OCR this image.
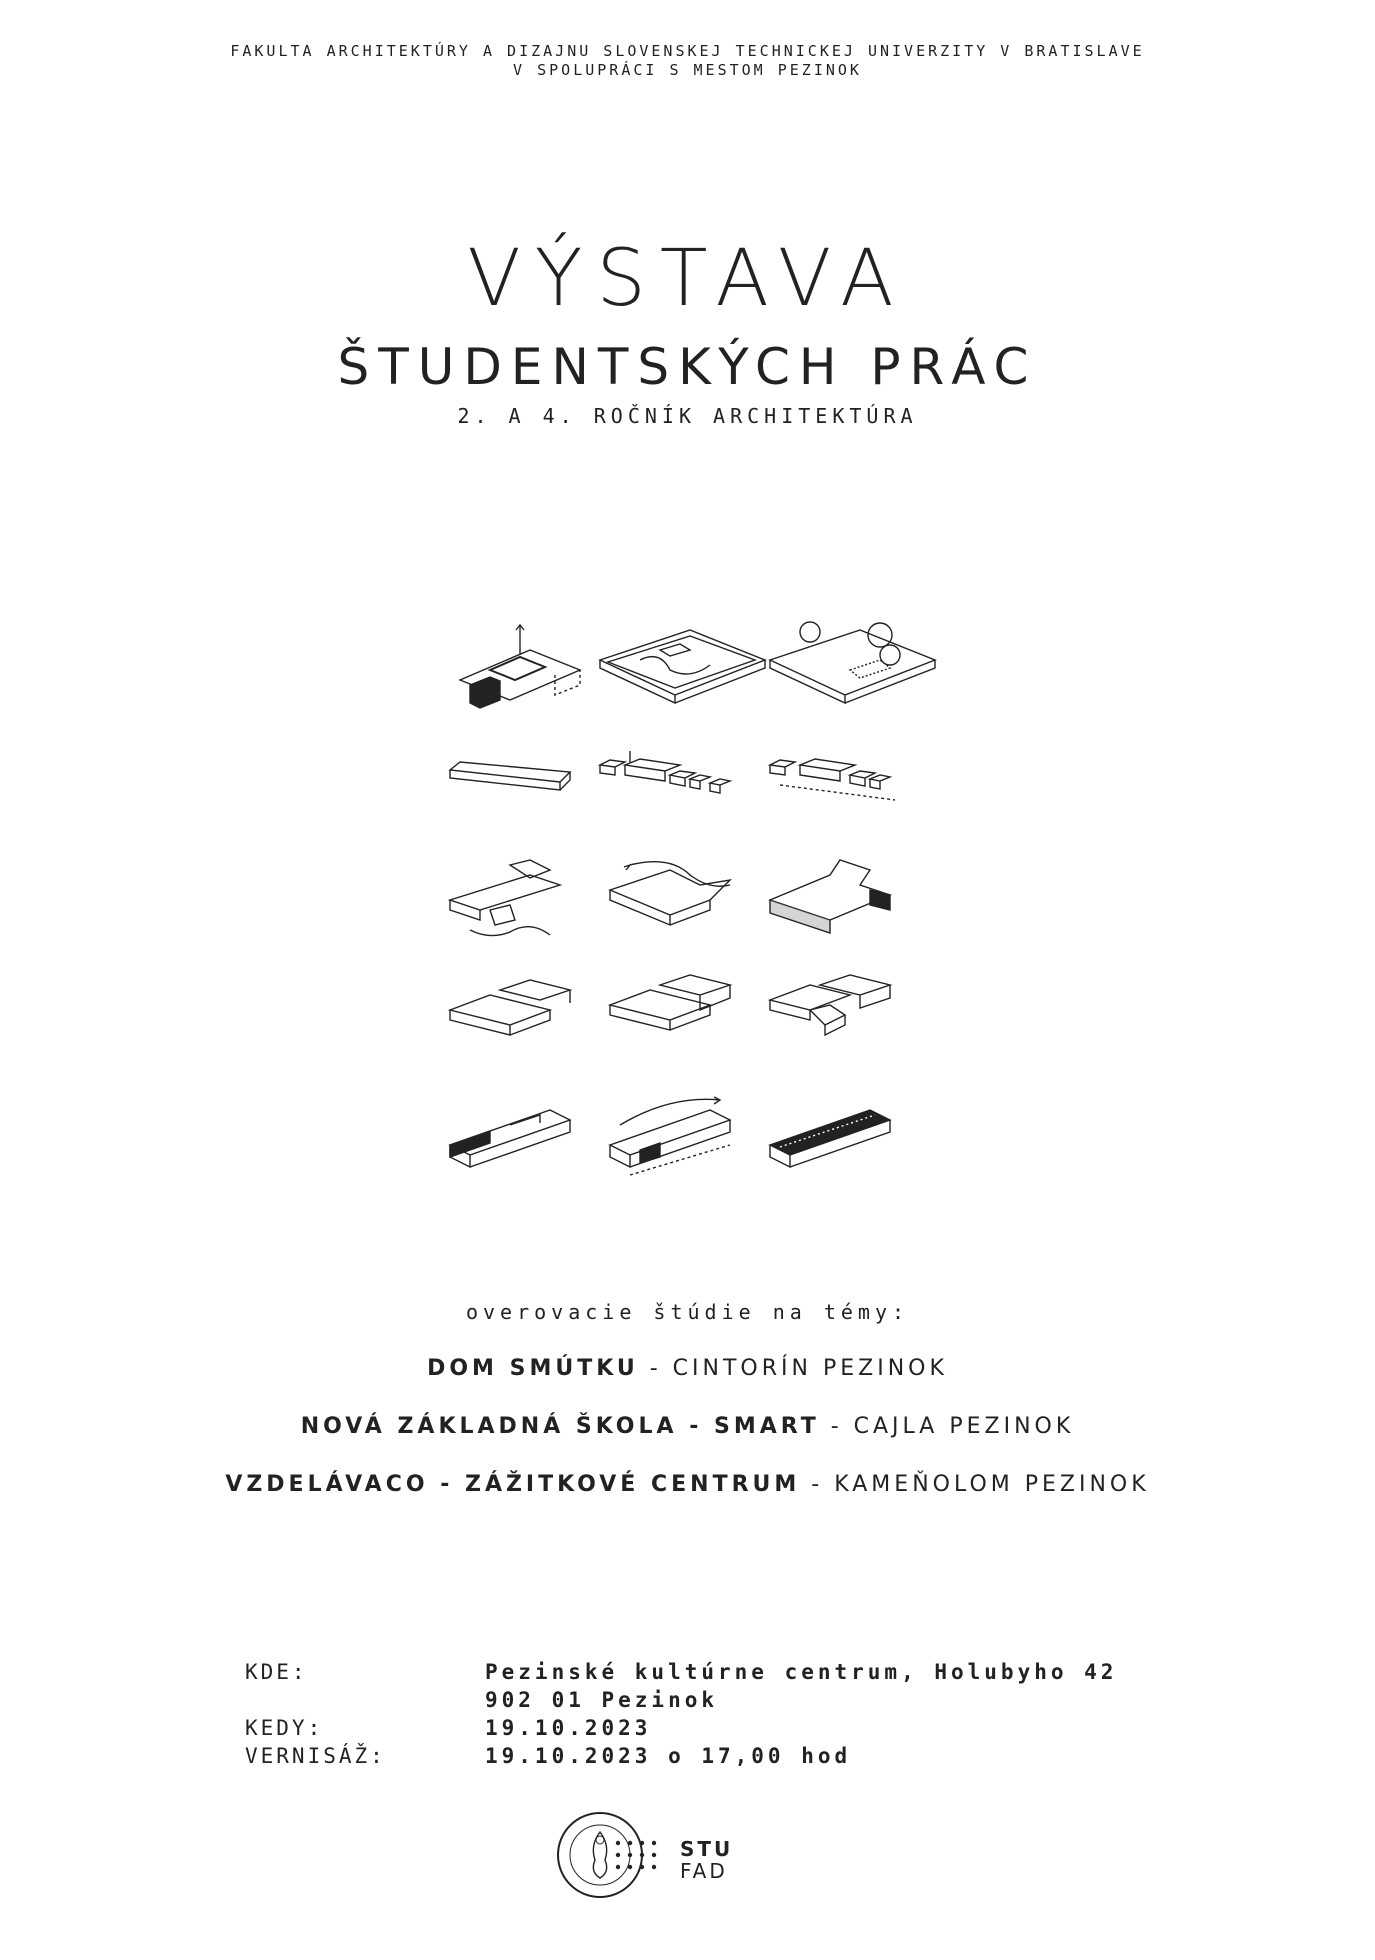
FAKULTA ARCHITEKTÚRY A DIZAJNU SLOVENSKEJ TECHNICKEJ UNIVERZITY V BRATISLAVE
V SPOLUPRÁCI S MESTOM PEZINOK
VÝSTAVA
ŠTUDENTSKÝCH PRÁC
2. A 4. ROČNÍK ARCHITEKTÚRA
overovacie štúdie na témy:
DOM SMÚTKU - CINTORÍN PEZINOK
NOVÁ ZÁKLADNÁ ŠKOLA - SMART - CAJLA PEZINOK
VZDELÁVACO - ZÁŽITKOVÉ CENTRUM - KAMEŇOLOM PEZINOK
KDE:	Pezinské kultúrne centrum, Holubyho 42
902 01 Pezinok
KEDY:	19.10.2023
VERNISÁŽ:	19.10.2023 o 17,00 hod
STU
FAD
